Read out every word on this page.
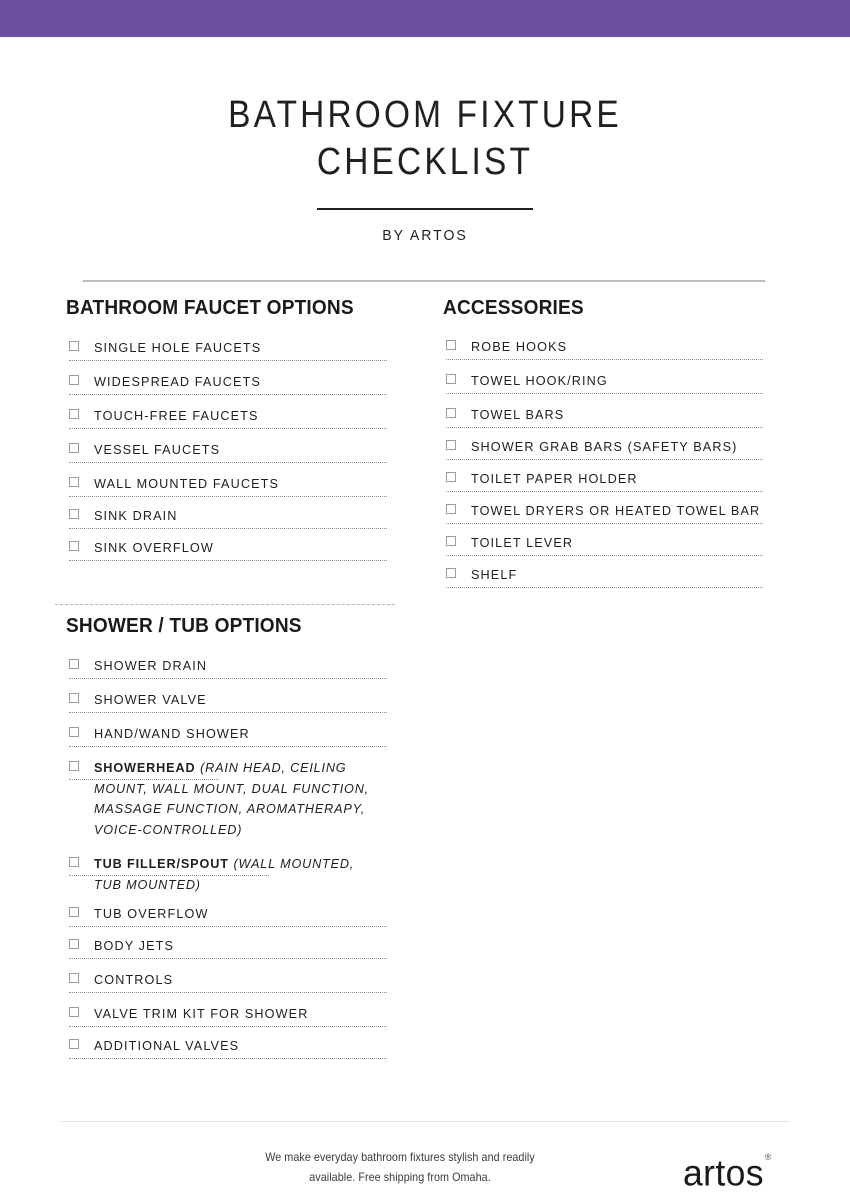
BATHROOM FIXTURE
CHECKLIST
BY ARTOS
BATHROOM FAUCET OPTIONS
SINGLE HOLE FAUCETS
WIDESPREAD FAUCETS
TOUCH-FREE FAUCETS
VESSEL FAUCETS
WALL MOUNTED FAUCETS
SINK DRAIN
SINK OVERFLOW
SHOWER / TUB OPTIONS
SHOWER DRAIN
SHOWER VALVE
HAND/WAND SHOWER
SHOWERHEAD (RAIN HEAD, CEILING MOUNT, WALL MOUNT, DUAL FUNCTION, MASSAGE FUNCTION, AROMATHERAPY, VOICE-CONTROLLED)
TUB FILLER/SPOUT (WALL MOUNTED, TUB MOUNTED)
TUB OVERFLOW
BODY JETS
CONTROLS
VALVE TRIM KIT FOR SHOWER
ADDITIONAL VALVES
ACCESSORIES
ROBE HOOKS
TOWEL HOOK/RING
TOWEL BARS
SHOWER GRAB BARS (SAFETY BARS)
TOILET PAPER HOLDER
TOWEL DRYERS OR HEATED TOWEL BAR
TOILET LEVER
SHELF
We make everyday bathroom fixtures stylish and readily
available. Free shipping from Omaha.	artos®
